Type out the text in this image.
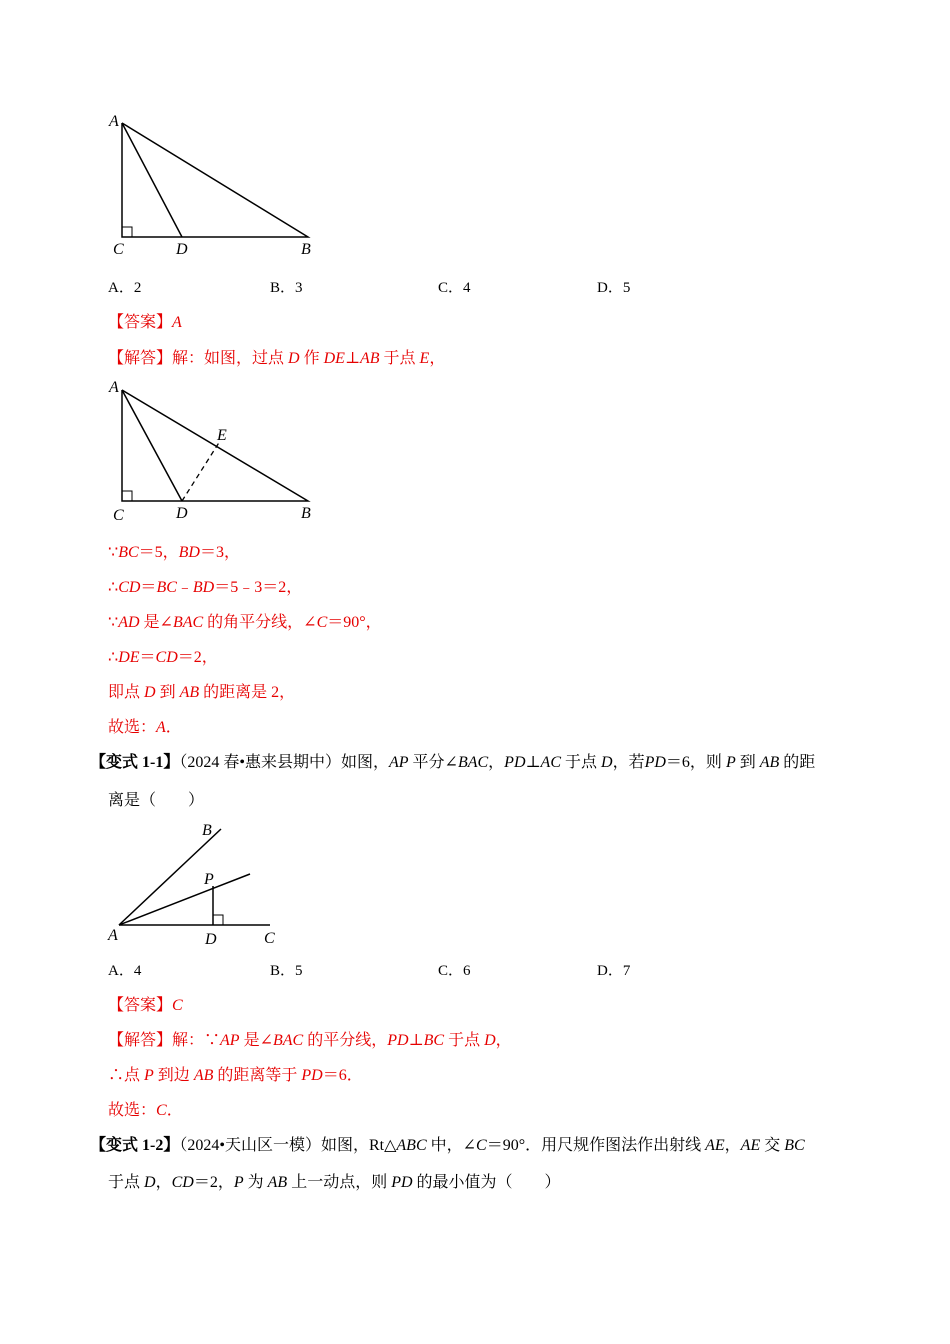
A
C	D	B
A．2	B．3	C．4	D．5
【答案】A
【解答】解：如图，过点 D 作 DE⊥AB 于点 E，
A
E
C	D	B
∵BC＝5，BD＝3，
∴CD＝BC﹣BD＝5﹣3＝2，
∵AD 是∠BAC 的角平分线，∠C＝90°，
∴DE＝CD＝2，
即点 D 到 AB 的距离是 2，
故选：A．
【变式 1-1】（2024 春•惠来县期中）如图，AP 平分∠BAC，PD⊥AC 于点 D，若PD＝6，则 P 到 AB 的距
离是（　　）
B
P
A	D	C
A．4	B．5	C．6	D．7
【答案】C
【解答】解：∵AP 是∠BAC 的平分线，PD⊥BC 于点 D，
∴点 P 到边 AB 的距离等于 PD＝6．
故选：C．
【变式 1-2】（2024•天山区一模）如图，Rt△ABC 中，∠C＝90°．用尺规作图法作出射线 AE，AE 交 BC
于点 D，CD＝2，P 为 AB 上一动点，则 PD 的最小值为（　　）
